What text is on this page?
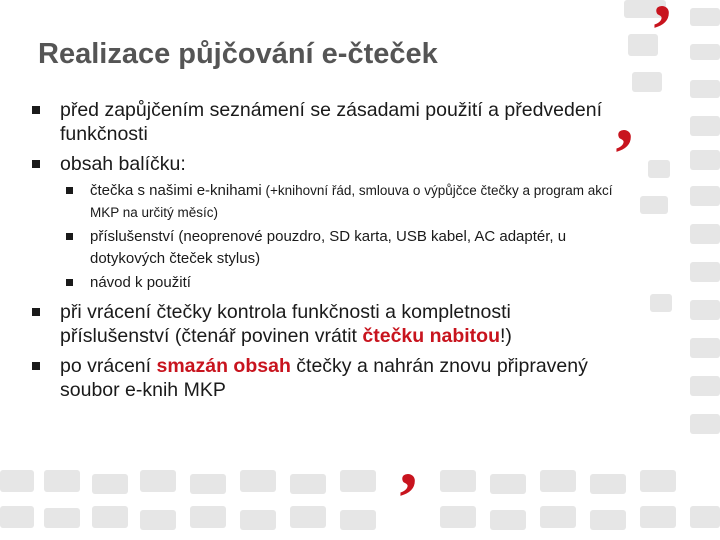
’
’
’
Realizace půjčování e-čteček
před zapůjčením seznámení se zásadami použití a předvedení funkčnosti
obsah balíčku:
čtečka s našimi e-knihami (+knihovní řád, smlouva o výpůjčce čtečky a program akcí MKP na určitý měsíc)
příslušenství (neoprenové pouzdro, SD karta, USB kabel, AC adaptér, u dotykových čteček stylus)
návod k použití
při vrácení čtečky kontrola funkčnosti a kompletnosti příslušenství (čtenář povinen vrátit čtečku nabitou!)
po vrácení smazán obsah čtečky a nahrán znovu připravený soubor e-knih MKP
